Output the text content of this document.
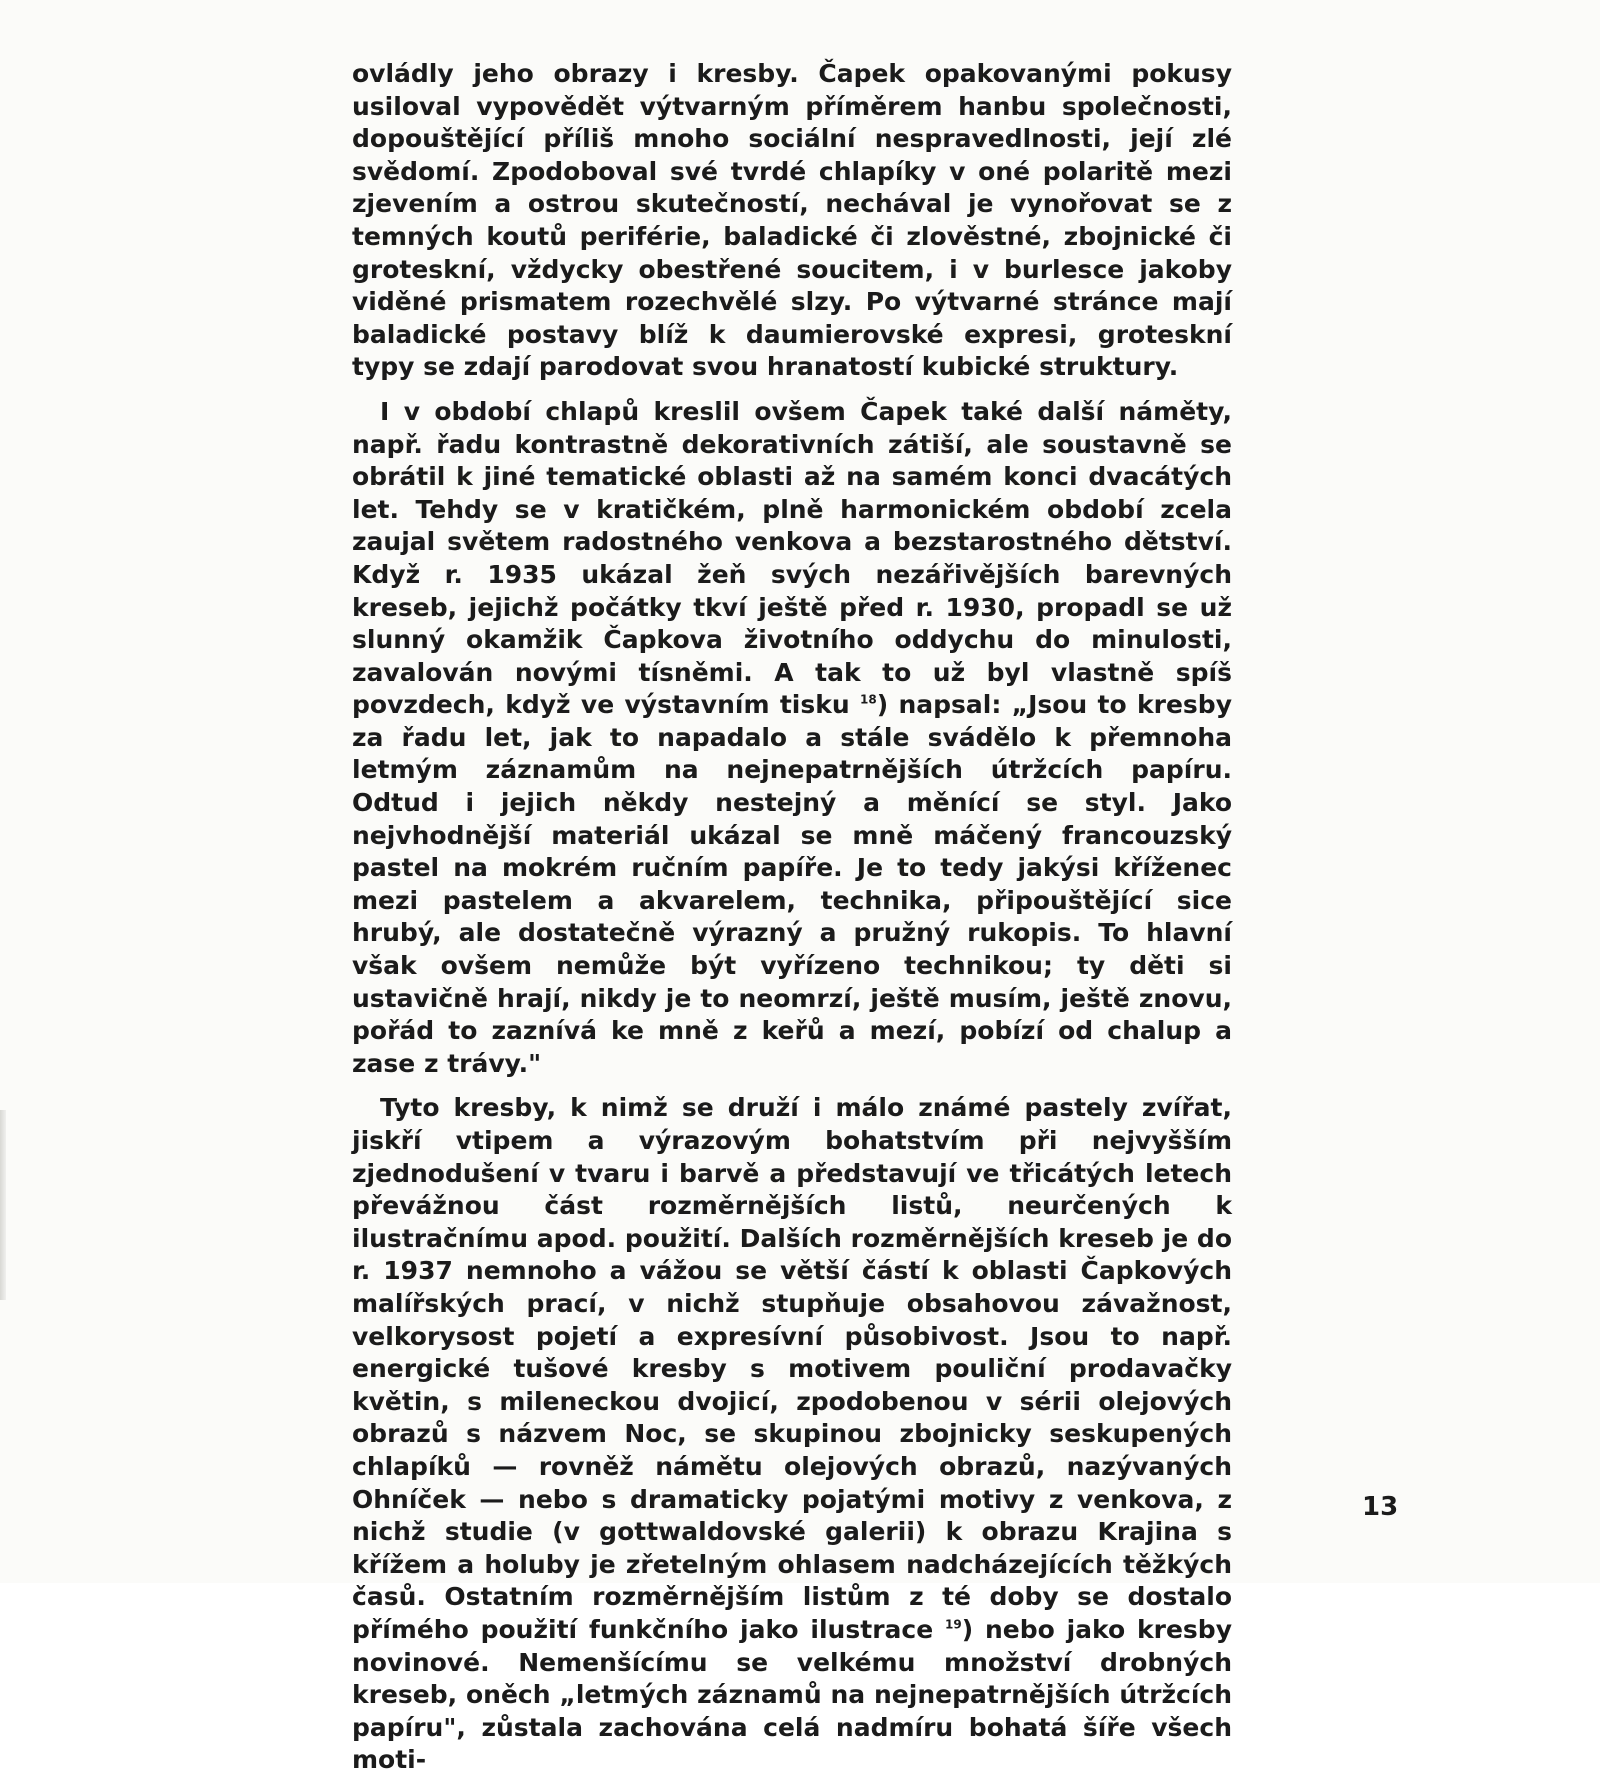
ovládly jeho obrazy i kresby. Čapek opakovanými pokusy usiloval vypovědět výtvarným příměrem hanbu společnosti, dopouštějící příliš mnoho sociální nespravedlnosti, její zlé svědomí. Zpodoboval své tvrdé chlapíky v oné polaritě mezi zjevením a ostrou skutečností, nechával je vynořovat se z temných koutů periférie, baladické či zlověstné, zbojnické či groteskní, vždycky obestřené soucitem, i v burlesce jakoby viděné prismatem rozechvělé slzy. Po výtvarné stránce mají baladické postavy blíž k daumierovské expresi, groteskní typy se zdají parodovat svou hranatostí kubické struktury.

I v období chlapů kreslil ovšem Čapek také další náměty, např. řadu kontrastně dekorativních zátiší, ale soustavně se obrátil k jiné tematické oblasti až na samém konci dvacátých let. Tehdy se v kratičkém, plně harmonickém období zcela zaujal světem radostného venkova a bezstarostného dětství. Když r. 1935 ukázal žeň svých nezářivějších barevných kreseb, jejichž počátky tkví ještě před r. 1930, propadl se už slunný okamžik Čapkova životního oddychu do minulosti, zavalován novými tísněmi. A tak to už byl vlastně spíš povzdech, když ve výstavním tisku $^{18}$) napsal: „Jsou to kresby za řadu let, jak to napadalo a stále svádělo k přemnoha letmým záznamům na nejnepatrnějších útržcích papíru. Odtud i jejich někdy nestejný a měnící se styl. Jako nejvhodnější materiál ukázal se mně máčený francouzský pastel na mokrém ručním papíře. Je to tedy jakýsi kříženec mezi pastelem a akvarelem, technika, připouštějící sice hrubý, ale dostatečně výrazný a pružný rukopis. To hlavní však ovšem nemůže být vyřízeno technikou; ty děti si ustavičně hrají, nikdy je to neomrzí, ještě musím, ještě znovu, pořád to zaznívá ke mně z keřů a mezí, pobízí od chalup a zase z trávy."

Tyto kresby, k nimž se druží i málo známé pastely zvířat, jiskří vtipem a výrazovým bohatstvím při nejvyšším zjednodušení v tvaru i barvě a představují ve třicátých letech převážnou část rozměrnějších listů, neurčených k ilustračnímu apod. použití. Dalších rozměrnějších kreseb je do r. 1937 nemnoho a vážou se větší částí k oblasti Čapkových malířských prací, v nichž stupňuje obsahovou závažnost, velkorysost pojetí a expresívní působivost. Jsou to např. energické tušové kresby s motivem pouliční prodavačky květin, s mileneckou dvojicí, zpodobenou v sérii olejových obrazů s názvem Noc, se skupinou zbojnicky seskupených chlapíků — rovněž námětu olejových obrazů, nazývaných Ohníček — nebo s dramaticky pojatými motivy z venkova, z nichž studie (v gottwaldovské galerii) k obrazu Krajina s křížem a holuby je zřetelným ohlasem nadcházejících těžkých časů. Ostatním rozměrnějším listům z té doby se dostalo přímého použití funkčního jako ilustrace $^{19}$) nebo jako kresby novinové. Nemenšícímu se velkému množství drobných kreseb, oněch „letmých záznamů na nejnepatrnějších útržcích papíru", zůstala zachována celá nadmíru bohatá šíře všech moti-

13
